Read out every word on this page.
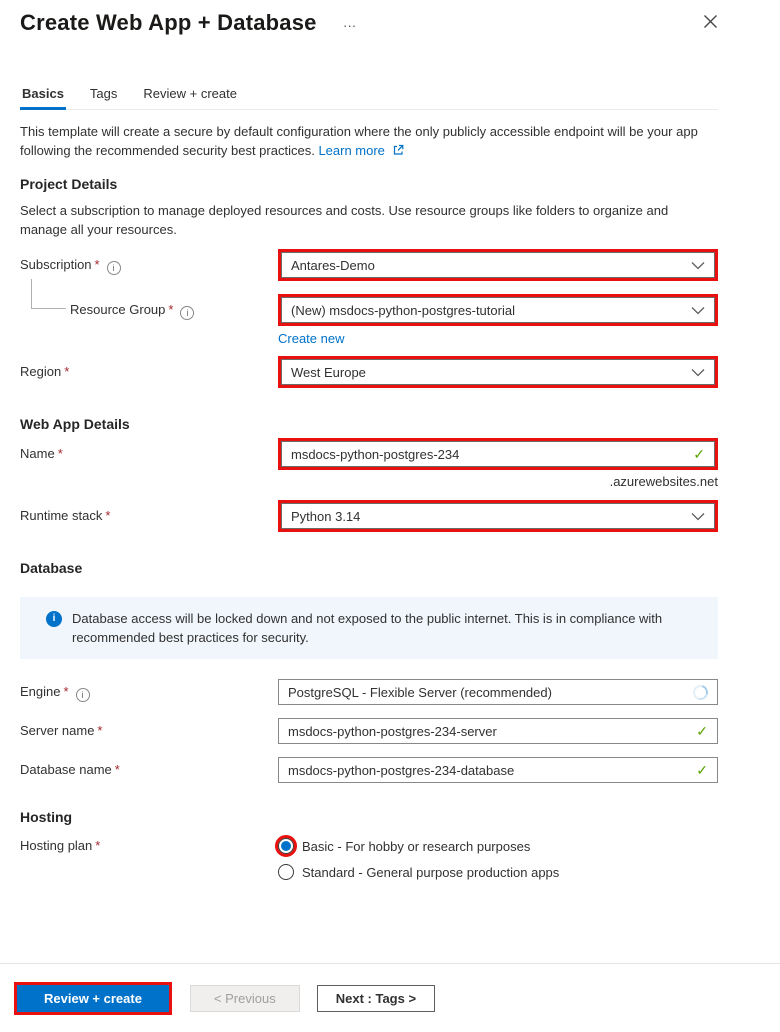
Create Web App + Database …
Basics Tags Review + create

This template will create a secure by default configuration where the only publicly accessible endpoint will be your app following the recommended security best practices. Learn more

Project Details

Select a subscription to manage deployed resources and costs. Use resource groups like folders to organize and manage all your resources.

Subscription * i	Antares-Demo
Resource Group * i	(New) msdocs-python-postgres-tutorial
Create new
Region *	West Europe
Web App Details
Name *	msdocs-python-postgres-234	✓
.azurewebsites.net
Runtime stack *	Python 3.14
Database
i	Database access will be locked down and not exposed to the public internet. This is in compliance with recommended best practices for security.
Engine * i	PostgreSQL - Flexible Server (recommended)
Server name *	msdocs-python-postgres-234-server	✓
Database name *	msdocs-python-postgres-234-database	✓
Hosting
Hosting plan *	Basic - For hobby or research purposes
Standard - General purpose production apps
Review + create	< Previous	Next : Tags >
